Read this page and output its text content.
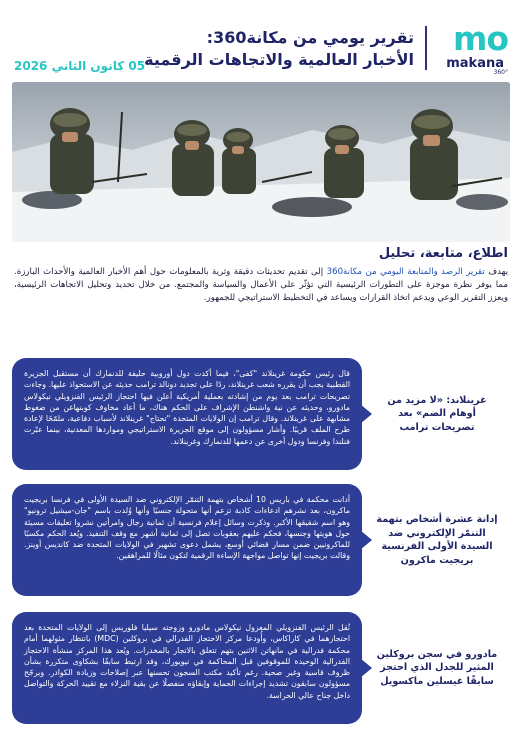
mo
makana
360°
تقرير يومي من مكانة360:
الأخبار العالمية والاتجاهات الرقمية
05 كانون الثاني 2026
اطلاع، متابعة، تحليل

يهدف تقرير الرصد والمتابعة اليومي من مكانة360 إلى تقديم تحديثات دقيقة وثرية بالمعلومات حول أهم الأخبار العالمية والأحداث البارزة. مما يوفر نظرة موجزة على التطورات الرئيسية التي تؤثّر على الأعمال والسياسة والمجتمع. من خلال تحديد وتحليل الاتجاهات الرئيسية، ويعزز التقرير الوعي ويدعم اتخاذ القرارات ويساعد في التخطيط الاستراتيجي للجمهور.

غرينلاند: «لا مزيد من أوهام الضم» بعد تصريحات ترامب
قال رئيس حكومة غرينلاند "كفى"، فيما أكدت دول أوروبية حليفة للدنمارك أن مستقبل الجزيرة القطبية يجب أن يقرره شعب غرينلاند، ردًا على تجديد دونالد ترامب حديثه عن الاستحواذ عليها. وجاءت تصريحات ترامب بعد يوم من إشادته بعملية أمريكية أعلن فيها احتجاز الرئيس الفنزويلي نيكولاس مادورو، وحديثه عن نية واشنطن الإشراف على الحكم هناك، ما أعاد مخاوف كوبنهاغن من ضغوط مشابهة على غرينلاند. وقال ترامب إن الولايات المتحدة "تحتاج" غرينلاند لأسباب دفاعية، ملمّحًا لإعادة طرح الملف قريبًا. وأشار مسؤولون إلى موقع الجزيرة الاستراتيجي ومواردها المعدنية، بينما عبّرت فنلندا وفرنسا ودول أخرى عن دعمها للدنمارك وغرينلاند.
إدانة عشرة أشخاص بتهمة التنمّر الإلكتروني ضد السيدة الأولى الفرنسية بريجيت ماكرون
أدانت محكمة في باريس 10 أشخاص بتهمة التنمّر الإلكتروني ضد السيدة الأولى في فرنسا بريجيت ماكرون، بعد نشرهم ادعاءات كاذبة تزعم أنها متحولة جنسيًا وأنها وُلدت باسم "جان-ميشيل ترونيو" وهو اسم شقيقها الأكبر. وذكرت وسائل إعلام فرنسية أن ثمانية رجال وامرأتين نشروا تعليقات مسيئة حول هويتها وجنسها، فحكم عليهم بعقوبات تصل إلى ثمانية أشهر مع وقف التنفيذ. ويُعد الحكم مكسبًا للماكرونيين ضمن مسار قضائي أوسع، يشمل دعوى تشهير في الولايات المتحدة ضد كانديس أوينز. وقالت بريجيت إنها تواصل مواجهة الإساءة الرقمية لتكون مثالًا للمراهقين.
مادورو في سجن بروكلين المثير للجدل الذي احتجز سابقًا غيسلين ماكسويل
نُقل الرئيس الفنزويلي المعزول نيكولاس مادورو وزوجته سيليا فلوريس إلى الولايات المتحدة بعد احتجازهما في كاراكاس، وأُودعا مركز الاحتجاز الفدرالي في بروكلين (MDC) بانتظار مثولهما أمام محكمة فدرالية في مانهاتن الاثنين بتهم تتعلق بالاتجار بالمخدرات. ويُعد هذا المركز منشأة الاحتجاز الفدرالية الوحيدة للموقوفين قبل المحاكمة في نيويورك، وقد ارتبط سابقًا بشكاوى متكررة بشأن ظروف قاسية وغير صحية. رغم تأكيد مكتب السجون تحسنها عبر إصلاحات وزيادة الكوادر. ويرجّح مسؤولون سابقون تشديد إجراءات الحماية وإبقاؤه منفصلًا عن بقية النزلاء مع تقييد الحركة والتواصل داخل جناح عالي الحراسة.
